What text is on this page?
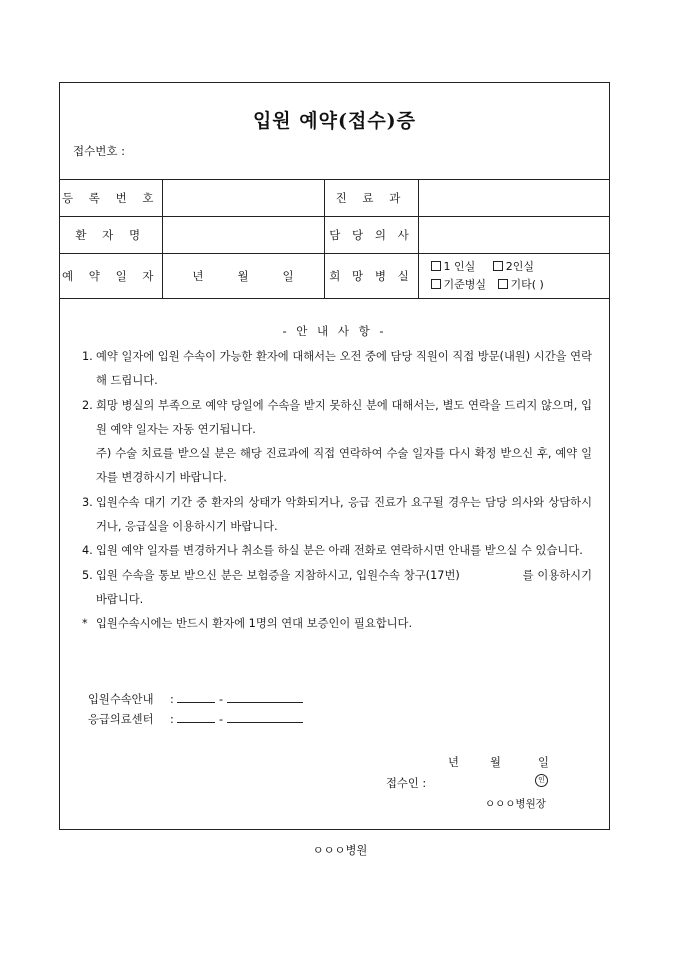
입원 예약(접수)증
접수번호 :
등 록 번 호		진 료 과	
환 자 명		담 당 의 사	
예 약 일 자	년 월 일	희 망 병 실	1 인실 2인실
기준병실 기타( )
- 안 내 사 항 -
1. 예약 일자에 입원 수속이 가능한 환자에 대해서는 오전 중에 담당 직원이 직접 방문(내원) 시간을 연락해 드립니다.
2. 희망 병실의 부족으로 예약 당일에 수속을 받지 못하신 분에 대해서는, 별도 연락을 드리지 않으며, 입원 예약 일자는 자동 연기됩니다.
주) 수술 치료를 받으실 분은 해당 진료과에 직접 연락하여 수술 일자를 다시 확정 받으신 후, 예약 일자를 변경하시기 바랍니다.
3. 입원수속 대기 기간 중 환자의 상태가 악화되거나, 응급 진료가 요구될 경우는 담당 의사와 상담하시거나, 응급실을 이용하시기 바랍니다.
4. 입원 예약 일자를 변경하거나 취소를 하실 분은 아래 전화로 연락하시면 안내를 받으실 수 있습니다.
5. 입원 수속을 통보 받으신 분은 보험증을 지참하시고, 입원수속 창구(17번)                를 이용하시기 바랍니다.
* 입원수속시에는 반드시 환자에 1명의 연대 보증인이 필요합니다.
입원수속안내 :	-
응급의료센터 :	-
년	월	일
접수인 :	인
ㅇㅇㅇ병원장
ㅇㅇㅇ병원
